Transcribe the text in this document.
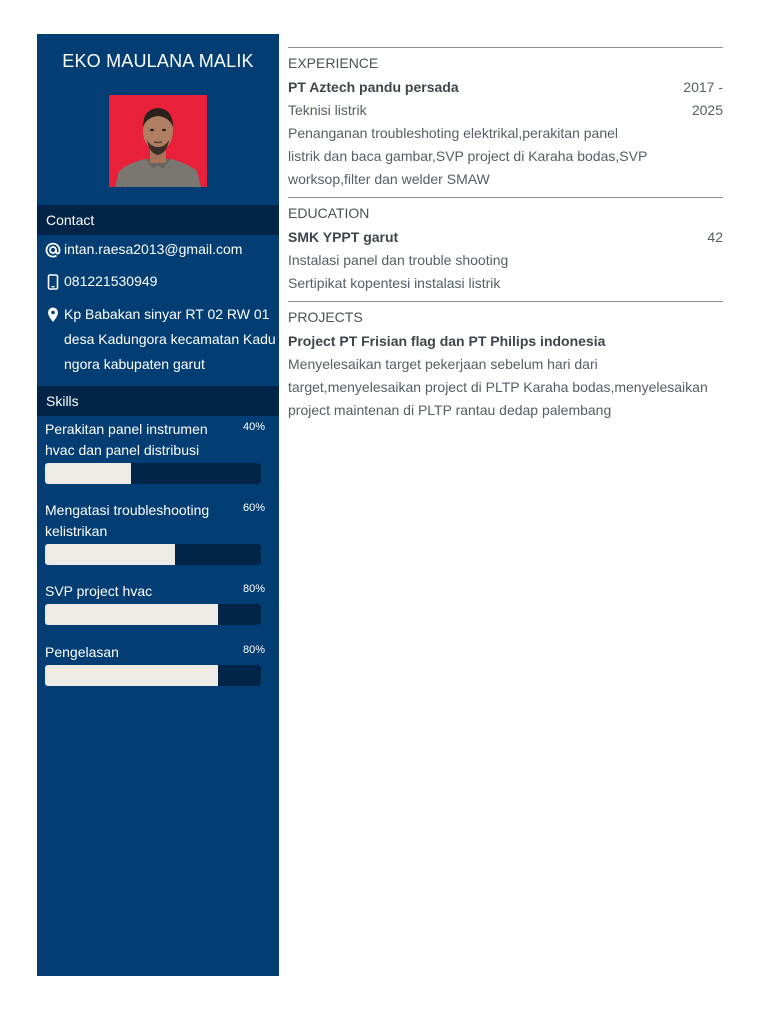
EKO MAULANA MALIK
Contact
intan.raesa2013@gmail.com
081221530949
Kp Babakan sinyar RT 02 RW 01 desa Kadungora kecamatan Kadungora kabupaten garut
Skills
Perakitan panel instrumen hvac dan panel distribusi
40%
Mengatasi troubleshooting kelistrikan
60%
SVP project hvac	80%
Pengelasan	80%
EXPERIENCE
PT Aztech pandu persada	2017 -
Teknisi listrik	2025
Penanganan troubleshoting elektrikal,perakitan panel listrik dan baca gambar,SVP project di Karaha bodas,SVP worksop,filter dan welder SMAW
EDUCATION
SMK YPPT garut	42
Instalasi panel dan trouble shooting
Sertipikat kopentesi instalasi listrik
PROJECTS
Project PT Frisian flag dan PT Philips indonesia
Menyelesaikan target pekerjaan sebelum hari dari target,menyelesaikan project di PLTP Karaha bodas,menyelesaikan project maintenan di PLTP rantau dedap palembang
